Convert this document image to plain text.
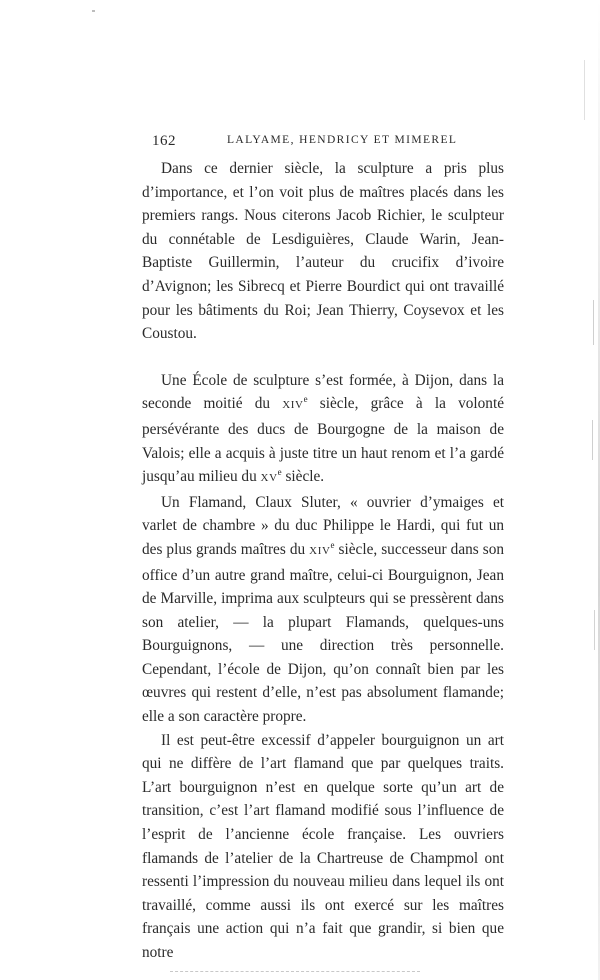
162	LALYAME, HENDRICY ET MIMEREL

Dans ce dernier siècle, la sculpture a pris plus d’importance, et l’on voit plus de maîtres placés dans les premiers rangs. Nous citerons Jacob Richier, le sculpteur du connétable de Lesdiguières, Claude Warin, Jean-Baptiste Guillermin, l’auteur du crucifix d’ivoire d’Avignon; les Sibrecq et Pierre Bourdict qui ont travaillé pour les bâtiments du Roi; Jean Thierry, Coysevox et les Coustou.

Une École de sculpture s’est formée, à Dijon, dans la seconde moitié du XIVe siècle, grâce à la volonté persévérante des ducs de Bourgogne de la maison de Valois; elle a acquis à juste titre un haut renom et l’a gardé jusqu’au milieu du XVe siècle.

Un Flamand, Claux Sluter, « ouvrier d’ymaiges et varlet de chambre » du duc Philippe le Hardi, qui fut un des plus grands maîtres du XIVe siècle, successeur dans son office d’un autre grand maître, celui-ci Bourguignon, Jean de Marville, imprima aux sculpteurs qui se pressèrent dans son atelier, — la plupart Flamands, quelques-uns Bourguignons, — une direction très personnelle. Cependant, l’école de Dijon, qu’on connaît bien par les œuvres qui restent d’elle, n’est pas absolument flamande; elle a son caractère propre.

Il est peut-être excessif d’appeler bourguignon un art qui ne diffère de l’art flamand que par quelques traits. L’art bourguignon n’est en quelque sorte qu’un art de transition, c’est l’art flamand modifié sous l’influence de l’esprit de l’ancienne école française. Les ouvriers flamands de l’atelier de la Chartreuse de Champmol ont ressenti l’impression du nouveau milieu dans lequel ils ont travaillé, comme aussi ils ont exercé sur les maîtres français une action qui n’a fait que grandir, si bien que notre
